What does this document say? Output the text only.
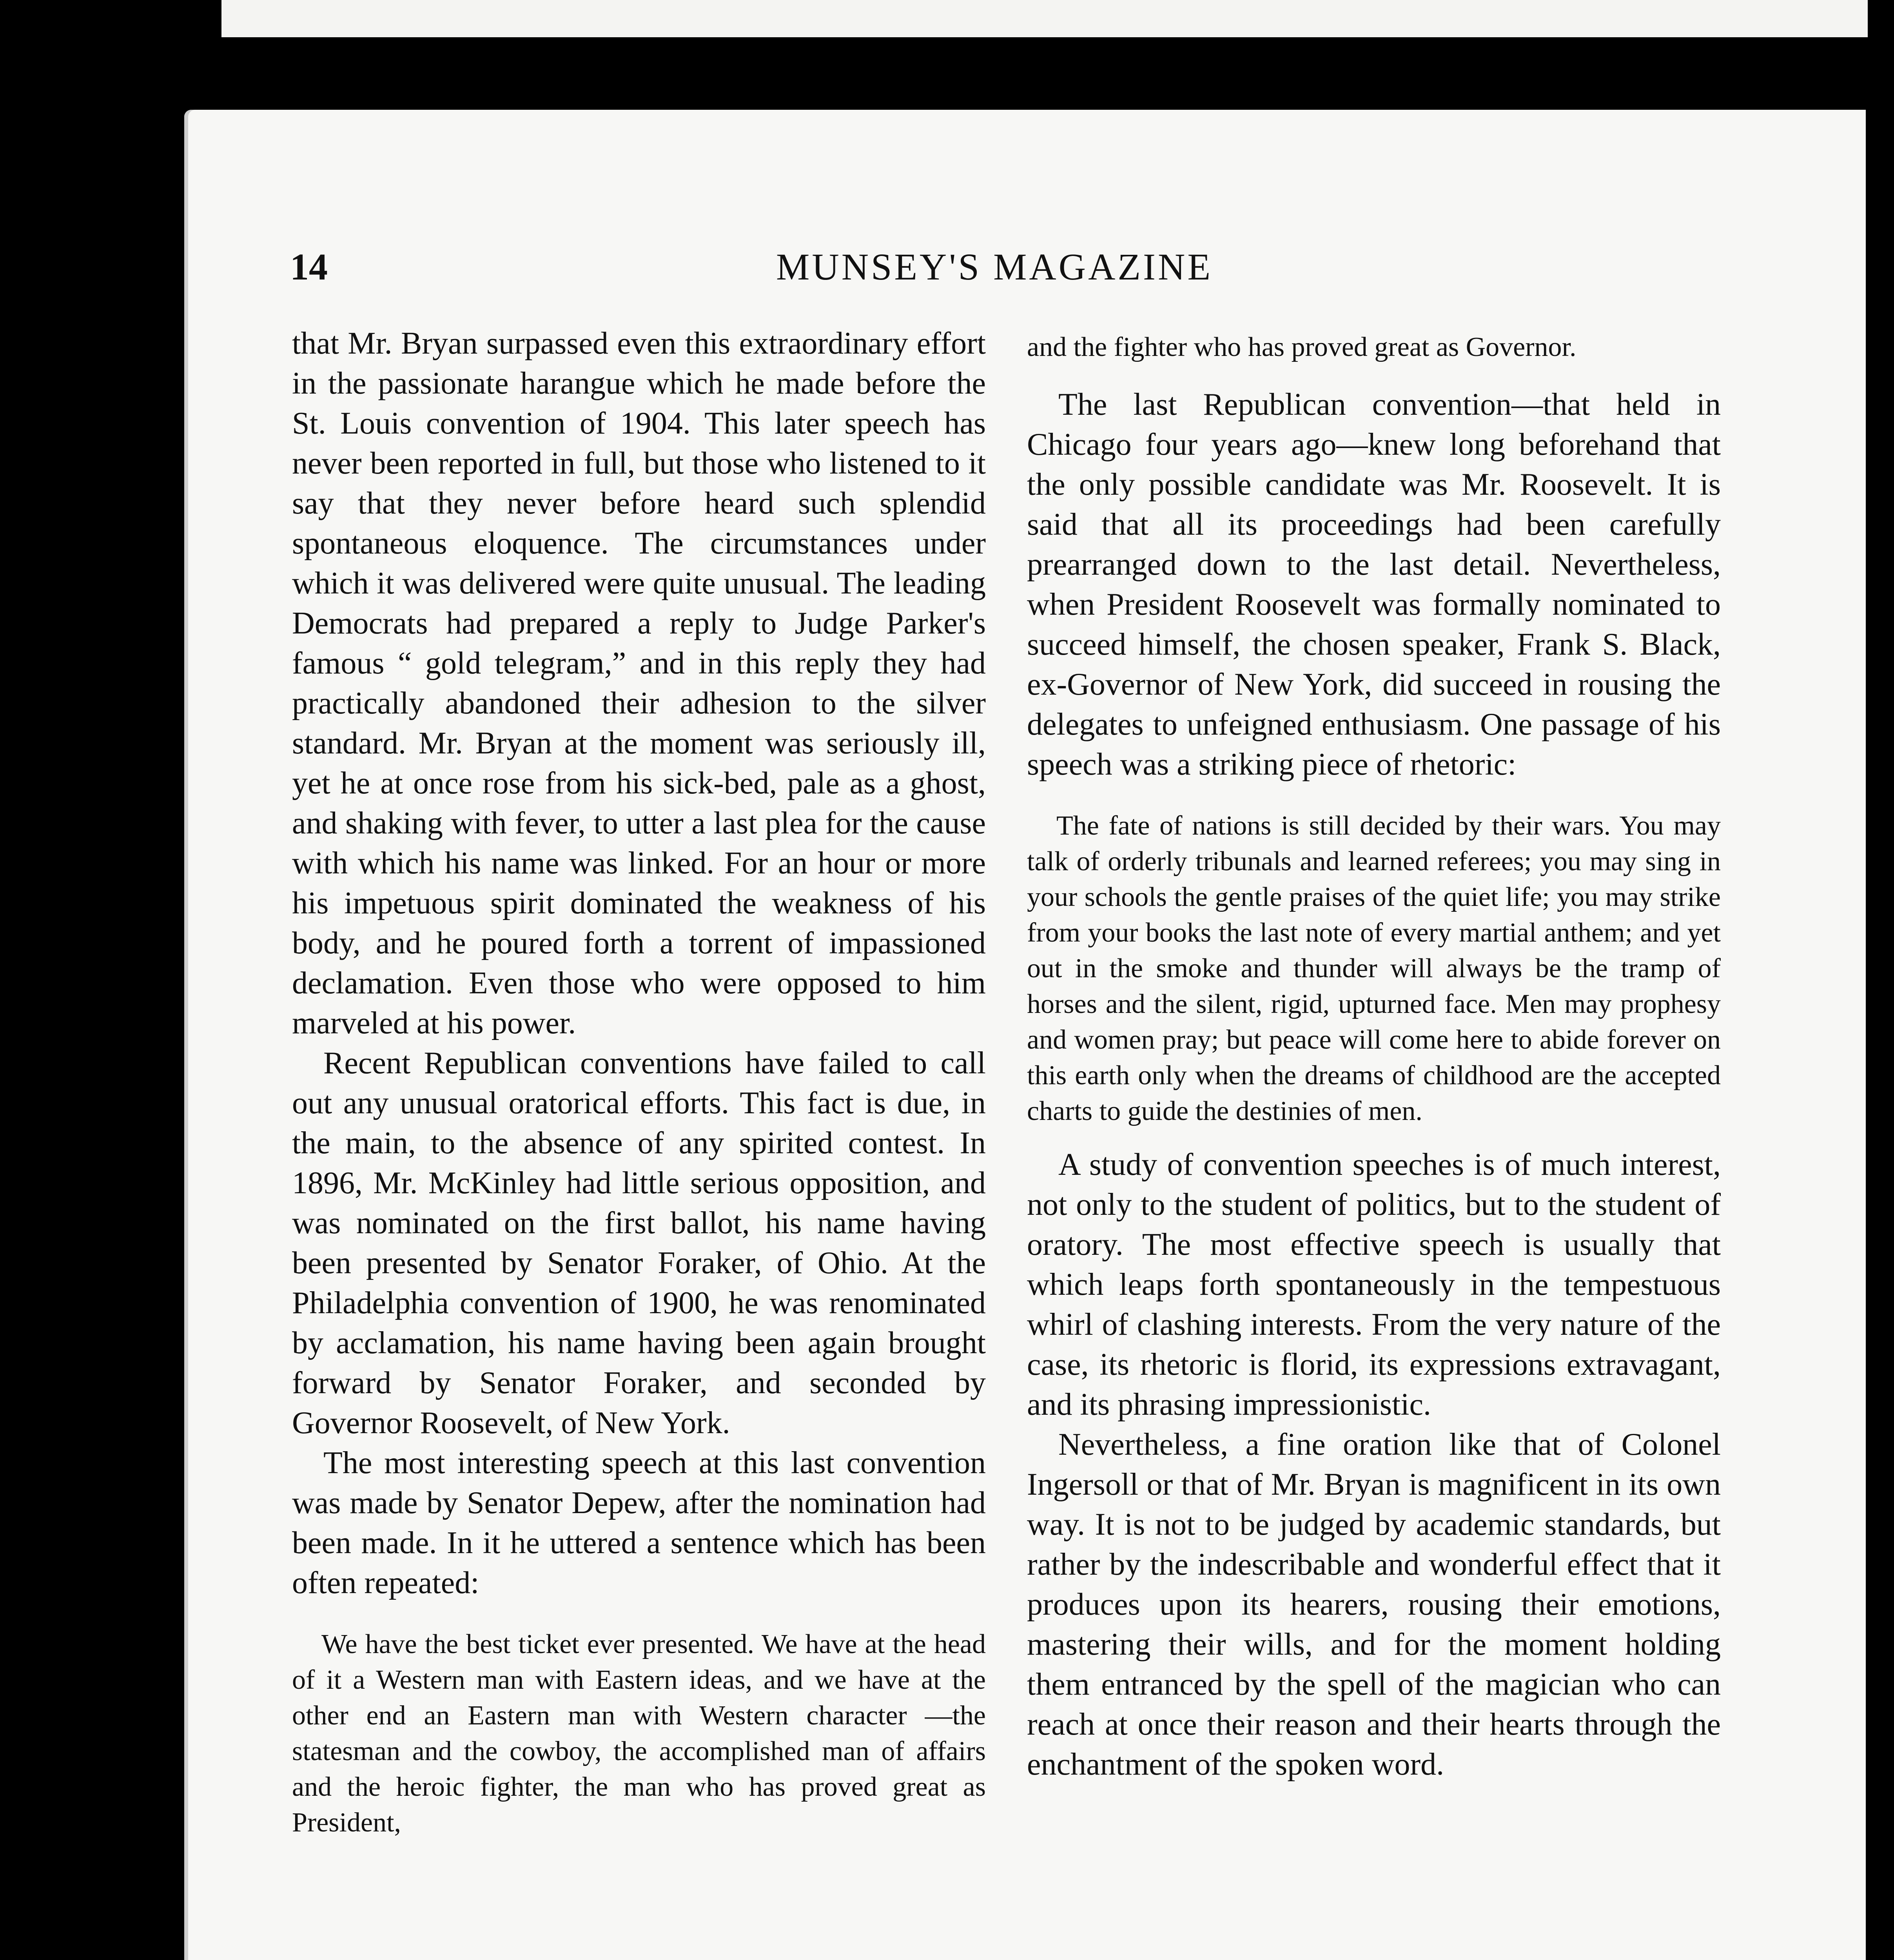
14	MUNSEY'S MAGAZINE

that Mr. Bryan surpassed even this extraordinary effort in the passionate harangue which he made before the St. Louis convention of 1904. This later speech has never been reported in full, but those who listened to it say that they never before heard such splendid spontaneous eloquence. The circumstances under which it was delivered were quite unusual. The leading Democrats had prepared a reply to Judge Parker's famous “ gold telegram,” and in this reply they had practically abandoned their adhesion to the silver standard. Mr. Bryan at the moment was seriously ill, yet he at once rose from his sick-bed, pale as a ghost, and shaking with fever, to utter a last plea for the cause with which his name was linked. For an hour or more his impetuous spirit dominated the weakness of his body, and he poured forth a torrent of impassioned declamation. Even those who were opposed to him marveled at his power.

Recent Republican conventions have failed to call out any unusual oratorical efforts. This fact is due, in the main, to the absence of any spirited contest. In 1896, Mr. McKinley had little serious opposition, and was nominated on the first ballot, his name having been presented by Senator Foraker, of Ohio. At the Philadelphia convention of 1900, he was renominated by acclamation, his name having been again brought forward by Senator Foraker, and seconded by Governor Roosevelt, of New York.

The most interesting speech at this last convention was made by Senator Depew, after the nomination had been made. In it he uttered a sentence which has been often repeated:

We have the best ticket ever presented. We have at the head of it a Western man with Eastern ideas, and we have at the other end an Eastern man with Western character —the statesman and the cowboy, the accomplished man of affairs and the heroic fighter, the man who has proved great as President,
and the fighter who has proved great as Governor.

The last Republican convention—that held in Chicago four years ago—knew long beforehand that the only possible candidate was Mr. Roosevelt. It is said that all its proceedings had been carefully prearranged down to the last detail. Nevertheless, when President Roosevelt was formally nominated to succeed himself, the chosen speaker, Frank S. Black, ex-Governor of New York, did succeed in rousing the delegates to unfeigned enthusiasm. One passage of his speech was a striking piece of rhetoric:

The fate of nations is still decided by their wars. You may talk of orderly tribunals and learned referees; you may sing in your schools the gentle praises of the quiet life; you may strike from your books the last note of every martial anthem; and yet out in the smoke and thunder will always be the tramp of horses and the silent, rigid, upturned face. Men may prophesy and women pray; but peace will come here to abide forever on this earth only when the dreams of childhood are the accepted charts to guide the destinies of men.

A study of convention speeches is of much interest, not only to the student of politics, but to the student of oratory. The most effective speech is usually that which leaps forth spontaneously in the tempestuous whirl of clashing interests. From the very nature of the case, its rhetoric is florid, its expressions extravagant, and its phrasing impressionistic.

Nevertheless, a fine oration like that of Colonel Ingersoll or that of Mr. Bryan is magnificent in its own way. It is not to be judged by academic standards, but rather by the indescribable and wonderful effect that it produces upon its hearers, rousing their emotions, mastering their wills, and for the moment holding them entranced by the spell of the magician who can reach at once their reason and their hearts through the enchantment of the spoken word.
